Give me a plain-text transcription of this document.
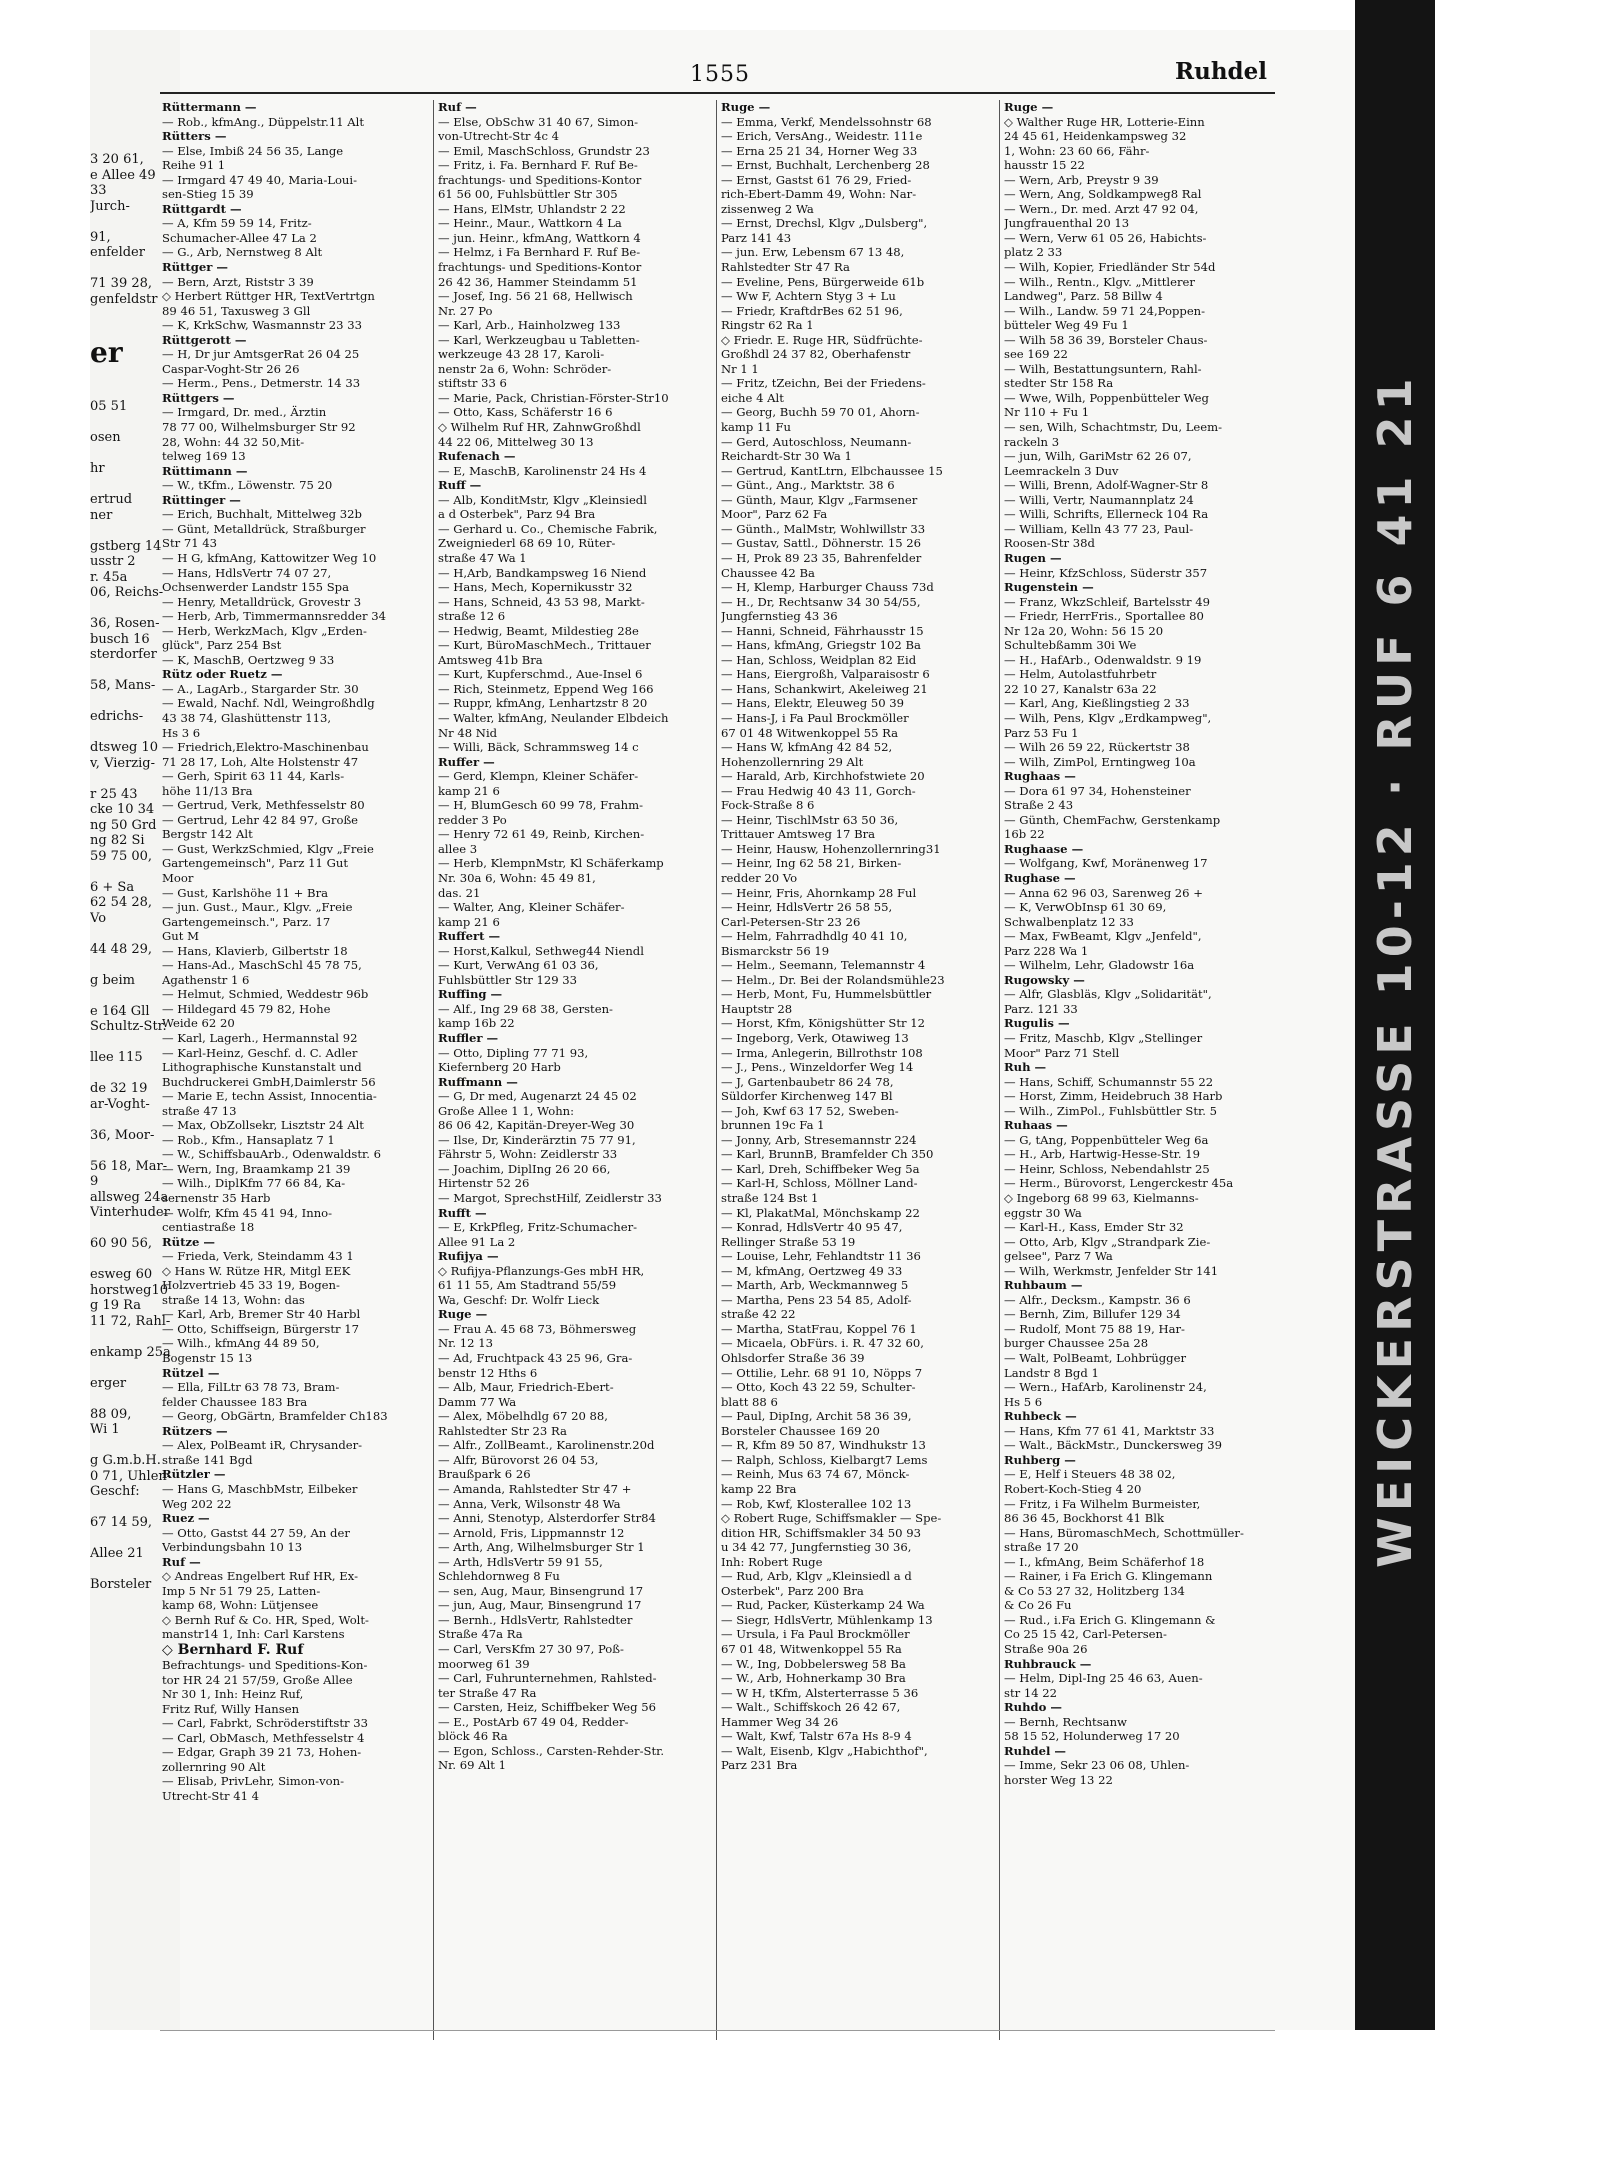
3 20 61,
e Allee 49
33
Jurch-

91,
enfelder

71 39 28,
genfeldstr

er

05 51

osen

hr

ertrud
ner

gstberg 14
usstr 2
r. 45a
06, Reichs-

36, Rosen-
busch 16
sterdorfer

58, Mans-

edrichs-

dtsweg 10
v, Vierzig-

r 25 43
cke 10 34
ng 50 Grd
ng 82 Si
59 75 00,

6 + Sa
62 54 28,
Vo

44 48 29,

g beim

e 164 Gll
Schultz-Str.

llee 115

de 32 19
ar-Voght-

36, Moor-

56 18, Mar-
9
allsweg 24a
Vinterhuder

60 90 56,

esweg 60
horstweg10
g 19 Ra
11 72, Rahl-

enkamp 25a

erger

88 09,
Wi 1

g G.m.b.H.
0 71, Uhlen-
Geschf:

67 14 59,

Allee 21

Borsteler
1555	Ruhdel
Rüttermann —
— Rob., kfmAng., Düppelstr.11 Alt
Rütters —
— Else, Imbiß 24 56 35, Lange
Reihe 91 1
— Irmgard 47 49 40, Maria-Loui-
sen-Stieg 15 39
Rüttgardt —
— A, Kfm 59 59 14, Fritz-
Schumacher-Allee 47 La 2
— G., Arb, Nernstweg 8 Alt
Rüttger —
— Bern, Arzt, Riststr 3 39
◇ Herbert Rüttger HR, TextVertrtgn
89 46 51, Taxusweg 3 Gll
— K, KrkSchw, Wasmannstr 23 33
Rüttgerott —
— H, Dr jur AmtsgerRat 26 04 25
Caspar-Voght-Str 26 26
— Herm., Pens., Detmerstr. 14 33
Rüttgers —
— Irmgard, Dr. med., Ärztin
78 77 00, Wilhelmsburger Str 92
28, Wohn: 44 32 50,Mit-
telweg 169 13
Rüttimann —
— W., tKfm., Löwenstr. 75 20
Rüttinger —
— Erich, Buchhalt, Mittelweg 32b
— Günt, Metalldrück, Straßburger
Str 71 43
— H G, kfmAng, Kattowitzer Weg 10
— Hans, HdlsVertr 74 07 27,
Ochsenwerder Landstr 155 Spa
— Henry, Metalldrück, Grovestr 3
— Herb, Arb, Timmermannsredder 34
— Herb, WerkzMach, Klgv „Erden-
glück", Parz 254 Bst
— K, MaschB, Oertzweg 9 33
Rütz oder Ruetz —
— A., LagArb., Stargarder Str. 30
— Ewald, Nachf. Ndl, Weingroßhdlg
43 38 74, Glashüttenstr 113,
Hs 3 6
— Friedrich,Elektro-Maschinenbau
71 28 17, Loh, Alte Holstenstr 47
— Gerh, Spirit 63 11 44, Karls-
höhe 11/13 Bra
— Gertrud, Verk, Methfesselstr 80
— Gertrud, Lehr 42 84 97, Große
Bergstr 142 Alt
— Gust, WerkzSchmied, Klgv „Freie
Gartengemeinsch", Parz 11 Gut
Moor
— Gust, Karlshöhe 11 + Bra
— jun. Gust., Maur., Klgv. „Freie
Gartengemeinsch.", Parz. 17
Gut M
— Hans, Klavierb, Gilbertstr 18
— Hans-Ad., MaschSchl 45 78 75,
Agathenstr 1 6
— Helmut, Schmied, Weddestr 96b
— Hildegard 45 79 82, Hohe
Weide 62 20
— Karl, Lagerh., Hermannstal 92
— Karl-Heinz, Geschf. d. C. Adler
Lithographische Kunstanstalt und
Buchdruckerei GmbH,Daimlerstr 56
— Marie E, techn Assist, Innocentia-
straße 47 13
— Max, ObZollsekr, Lisztstr 24 Alt
— Rob., Kfm., Hansaplatz 7 1
— W., SchiffsbauArb., Odenwaldstr. 6
— Wern, Ing, Braamkamp 21 39
— Wilh., DiplKfm 77 66 84, Ka-
sernenstr 35 Harb
— Wolfr, Kfm 45 41 94, Inno-
centiastraße 18
Rütze —
— Frieda, Verk, Steindamm 43 1
◇ Hans W. Rütze HR, Mitgl EEK
Holzvertrieb 45 33 19, Bogen-
straße 14 13, Wohn: das
— Karl, Arb, Bremer Str 40 Harbl
— Otto, Schiffseign, Bürgerstr 17
— Wilh., kfmAng 44 89 50,
Bogenstr 15 13
Rützel —
— Ella, FilLtr 63 78 73, Bram-
felder Chaussee 183 Bra
— Georg, ObGärtn, Bramfelder Ch183
Rützers —
— Alex, PolBeamt iR, Chrysander-
straße 141 Bgd
Rützler —
— Hans G, MaschbMstr, Eilbeker
Weg 202 22
Ruez —
— Otto, Gastst 44 27 59, An der
Verbindungsbahn 10 13
Ruf —
◇ Andreas Engelbert Ruf HR, Ex-
Imp 5 Nr 51 79 25, Latten-
kamp 68, Wohn: Lütjensee
◇ Bernh Ruf & Co. HR, Sped, Wolt-
manstr14 1, Inh: Carl Karstens
◇ Bernhard F. Ruf
Befrachtungs- und Speditions-Kon-
tor HR 24 21 57/59, Große Allee
Nr 30 1, Inh: Heinz Ruf,
Fritz Ruf, Willy Hansen
— Carl, Fabrkt, Schröderstiftstr 33
— Carl, ObMasch, Methfesselstr 4
— Edgar, Graph 39 21 73, Hohen-
zollernring 90 Alt
— Elisab, PrivLehr, Simon-von-
Utrecht-Str 41 4
Ruf —
— Else, ObSchw 31 40 67, Simon-
von-Utrecht-Str 4c 4
— Emil, MaschSchloss, Grundstr 23
— Fritz, i. Fa. Bernhard F. Ruf Be-
frachtungs- und Speditions-Kontor
61 56 00, Fuhlsbüttler Str 305
— Hans, ElMstr, Uhlandstr 2 22
— Heinr., Maur., Wattkorn 4 La
— jun. Heinr., kfmAng, Wattkorn 4
— Helmz, i Fa Bernhard F. Ruf Be-
frachtungs- und Speditions-Kontor
26 42 36, Hammer Steindamm 51
— Josef, Ing. 56 21 68, Hellwisch
Nr. 27 Po
— Karl, Arb., Hainholzweg 133
— Karl, Werkzeugbau u Tabletten-
werkzeuge 43 28 17, Karoli-
nenstr 2a 6, Wohn: Schröder-
stiftstr 33 6
— Marie, Pack, Christian-Förster-Str10
— Otto, Kass, Schäferstr 16 6
◇ Wilhelm Ruf HR, ZahnwGroßhdl
44 22 06, Mittelweg 30 13
Rufenach —
— E, MaschB, Karolinenstr 24 Hs 4
Ruff —
— Alb, KonditMstr, Klgv „Kleinsiedl
a d Osterbek", Parz 94 Bra
— Gerhard u. Co., Chemische Fabrik,
Zweigniederl 68 69 10, Rüter-
straße 47 Wa 1
— H,Arb, Bandkampsweg 16 Niend
— Hans, Mech, Kopernikusstr 32
— Hans, Schneid, 43 53 98, Markt-
straße 12 6
— Hedwig, Beamt, Mildestieg 28e
— Kurt, BüroMaschMech., Trittauer
Amtsweg 41b Bra
— Kurt, Kupferschmd., Aue-Insel 6
— Rich, Steinmetz, Eppend Weg 166
— Ruppr, kfmAng, Lenhartzstr 8 20
— Walter, kfmAng, Neulander Elbdeich
Nr 48 Nid
— Willi, Bäck, Schrammsweg 14 c
Ruffer —
— Gerd, Klempn, Kleiner Schäfer-
kamp 21 6
— H, BlumGesch 60 99 78, Frahm-
redder 3 Po
— Henry 72 61 49, Reinb, Kirchen-
allee 3
— Herb, KlempnMstr, Kl Schäferkamp
Nr. 30a 6, Wohn: 45 49 81,
das. 21
— Walter, Ang, Kleiner Schäfer-
kamp 21 6
Ruffert —
— Horst,Kalkul, Sethweg44 Niendl
— Kurt, VerwAng 61 03 36,
Fuhlsbüttler Str 129 33
Ruffing —
— Alf., Ing 29 68 38, Gersten-
kamp 16b 22
Ruffler —
— Otto, Dipling 77 71 93,
Kiefernberg 20 Harb
Ruffmann —
— G, Dr med, Augenarzt 24 45 02
Große Allee 1 1, Wohn:
86 06 42, Kapitän-Dreyer-Weg 30
— Ilse, Dr, Kinderärztin 75 77 91,
Fährstr 5, Wohn: Zeidlerstr 33
— Joachim, DiplIng 26 20 66,
Hirtenstr 52 26
— Margot, SprechstHilf, Zeidlerstr 33
Rufft —
— E, KrkPfleg, Fritz-Schumacher-
Allee 91 La 2
Rufijya —
◇ Rufijya-Pflanzungs-Ges mbH HR,
61 11 55, Am Stadtrand 55/59
Wa, Geschf: Dr. Wolfr Lieck
Ruge —
— Frau A. 45 68 73, Böhmersweg
Nr. 12 13
— Ad, Fruchtpack 43 25 96, Gra-
benstr 12 Hths 6
— Alb, Maur, Friedrich-Ebert-
Damm 77 Wa
— Alex, Möbelhdlg 67 20 88,
Rahlstedter Str 23 Ra
— Alfr., ZollBeamt., Karolinenstr.20d
— Alfr, Bürovorst 26 04 53,
Braußpark 6 26
— Amanda, Rahlstedter Str 47 +
— Anna, Verk, Wilsonstr 48 Wa
— Anni, Stenotyp, Alsterdorfer Str84
— Arnold, Fris, Lippmannstr 12
— Arth, Ang, Wilhelmsburger Str 1
— Arth, HdlsVertr 59 91 55,
Schlehdornweg 8 Fu
— sen, Aug, Maur, Binsengrund 17
— jun, Aug, Maur, Binsengrund 17
— Bernh., HdlsVertr, Rahlstedter
Straße 47a Ra
— Carl, VersKfm 27 30 97, Poß-
moorweg 61 39
— Carl, Fuhrunternehmen, Rahlsted-
ter Straße 47 Ra
— Carsten, Heiz, Schiffbeker Weg 56
— E., PostArb 67 49 04, Redder-
blöck 46 Ra
— Egon, Schloss., Carsten-Rehder-Str.
Nr. 69 Alt 1
Ruge —
— Emma, Verkf, Mendelssohnstr 68
— Erich, VersAng., Weidestr. 111e
— Erna 25 21 34, Horner Weg 33
— Ernst, Buchhalt, Lerchenberg 28
— Ernst, Gastst 61 76 29, Fried-
rich-Ebert-Damm 49, Wohn: Nar-
zissenweg 2 Wa
— Ernst, Drechsl, Klgv „Dulsberg",
Parz 141 43
— jun. Erw, Lebensm 67 13 48,
Rahlstedter Str 47 Ra
— Eveline, Pens, Bürgerweide 61b
— Ww F, Achtern Styg 3 + Lu
— Friedr, KraftdrBes 62 51 96,
Ringstr 62 Ra 1
◇ Friedr. E. Ruge HR, Südfrüchte-
Großhdl 24 37 82, Oberhafenstr
Nr 1 1
— Fritz, tZeichn, Bei der Friedens-
eiche 4 Alt
— Georg, Buchh 59 70 01, Ahorn-
kamp 11 Fu
— Gerd, Autoschloss, Neumann-
Reichardt-Str 30 Wa 1
— Gertrud, KantLtrn, Elbchaussee 15
— Günt., Ang., Marktstr. 38 6
— Günth, Maur, Klgv „Farmsener
Moor", Parz 62 Fa
— Günth., MalMstr, Wohlwillstr 33
— Gustav, Sattl., Döhnerstr. 15 26
— H, Prok 89 23 35, Bahrenfelder
Chaussee 42 Ba
— H, Klemp, Harburger Chauss 73d
— H., Dr, Rechtsanw 34 30 54/55,
Jungfernstieg 43 36
— Hanni, Schneid, Fährhausstr 15
— Hans, kfmAng, Griegstr 102 Ba
— Han, Schloss, Weidplan 82 Eid
— Hans, Eiergroßh, Valparaisostr 6
— Hans, Schankwirt, Akeleiweg 21
— Hans, Elektr, Eleuweg 50 39
— Hans-J, i Fa Paul Brockmöller
67 01 48 Witwenkoppel 55 Ra
— Hans W, kfmAng 42 84 52,
Hohenzollernring 29 Alt
— Harald, Arb, Kirchhofstwiete 20
— Frau Hedwig 40 43 11, Gorch-
Fock-Straße 8 6
— Heinr, TischlMstr 63 50 36,
Trittauer Amtsweg 17 Bra
— Heinr, Hausw, Hohenzollernring31
— Heinr, Ing 62 58 21, Birken-
redder 20 Vo
— Heinr, Fris, Ahornkamp 28 Ful
— Heinr, HdlsVertr 26 58 55,
Carl-Petersen-Str 23 26
— Helm, Fahrradhdlg 40 41 10,
Bismarckstr 56 19
— Helm., Seemann, Telemannstr 4
— Helm., Dr. Bei der Rolandsmühle23
— Herb, Mont, Fu, Hummelsbüttler
Hauptstr 28
— Horst, Kfm, Königshütter Str 12
— Ingeborg, Verk, Otawiweg 13
— Irma, Anlegerin, Billrothstr 108
— J., Pens., Winzeldorfer Weg 14
— J, Gartenbaubetr 86 24 78,
Süldorfer Kirchenweg 147 Bl
— Joh, Kwf 63 17 52, Sweben-
brunnen 19c Fa 1
— Jonny, Arb, Stresemannstr 224
— Karl, BrunnB, Bramfelder Ch 350
— Karl, Dreh, Schiffbeker Weg 5a
— Karl-H, Schloss, Möllner Land-
straße 124 Bst 1
— Kl, PlakatMal, Mönchskamp 22
— Konrad, HdlsVertr 40 95 47,
Rellinger Straße 53 19
— Louise, Lehr, Fehlandtstr 11 36
— M, kfmAng, Oertzweg 49 33
— Marth, Arb, Weckmannweg 5
— Martha, Pens 23 54 85, Adolf-
straße 42 22
— Martha, StatFrau, Koppel 76 1
— Micaela, ObFürs. i. R. 47 32 60,
Ohlsdorfer Straße 36 39
— Ottilie, Lehr. 68 91 10, Nöpps 7
— Otto, Koch 43 22 59, Schulter-
blatt 88 6
— Paul, DipIng, Archit 58 36 39,
Borsteler Chaussee 169 20
— R, Kfm 89 50 87, Windhukstr 13
— Ralph, Schloss, Kielbargt7 Lems
— Reinh, Mus 63 74 67, Mönck-
kamp 22 Bra
— Rob, Kwf, Klosterallee 102 13
◇ Robert Ruge, Schiffsmakler — Spe-
dition HR, Schiffsmakler 34 50 93
u 34 42 77, Jungfernstieg 30 36,
Inh: Robert Ruge
— Rud, Arb, Klgv „Kleinsiedl a d
Osterbek", Parz 200 Bra
— Rud, Packer, Küsterkamp 24 Wa
— Siegr, HdlsVertr, Mühlenkamp 13
— Ursula, i Fa Paul Brockmöller
67 01 48, Witwenkoppel 55 Ra
— W., Ing, Dobbelersweg 58 Ba
— W., Arb, Hohnerkamp 30 Bra
— W H, tKfm, Alsterterrasse 5 36
— Walt., Schiffskoch 26 42 67,
Hammer Weg 34 26
— Walt, Kwf, Talstr 67a Hs 8-9 4
— Walt, Eisenb, Klgv „Habichthof",
Parz 231 Bra
Ruge —
◇ Walther Ruge HR, Lotterie-Einn
24 45 61, Heidenkampsweg 32
1, Wohn: 23 60 66, Fähr-
hausstr 15 22
— Wern, Arb, Preystr 9 39
— Wern, Ang, Soldkampweg8 Ral
— Wern., Dr. med. Arzt 47 92 04,
Jungfrauenthal 20 13
— Wern, Verw 61 05 26, Habichts-
platz 2 33
— Wilh, Kopier, Friedländer Str 54d
— Wilh., Rentn., Klgv. „Mittlerer
Landweg", Parz. 58 Billw 4
— Wilh., Landw. 59 71 24,Poppen-
bütteler Weg 49 Fu 1
— Wilh 58 36 39, Borsteler Chaus-
see 169 22
— Wilh, Bestattungsuntern, Rahl-
stedter Str 158 Ra
— Wwe, Wilh, Poppenbütteler Weg
Nr 110 + Fu 1
— sen, Wilh, Schachtmstr, Du, Leem-
rackeln 3
— jun, Wilh, GariMstr 62 26 07,
Leemrackeln 3 Duv
— Willi, Brenn, Adolf-Wagner-Str 8
— Willi, Vertr, Naumannplatz 24
— Willi, Schrifts, Ellerneck 104 Ra
— William, Kelln 43 77 23, Paul-
Roosen-Str 38d
Rugen —
— Heinr, KfzSchloss, Süderstr 357
Rugenstein —
— Franz, WkzSchleif, Bartelsstr 49
— Friedr, HerrFris., Sportallee 80
Nr 12a 20, Wohn: 56 15 20
Schultebßamm 30i We
— H., HafArb., Odenwaldstr. 9 19
— Helm, Autolastfuhrbetr
22 10 27, Kanalstr 63a 22
— Karl, Ang, Kießlingstieg 2 33
— Wilh, Pens, Klgv „Erdkampweg",
Parz 53 Fu 1
— Wilh 26 59 22, Rückertstr 38
— Wilh, ZimPol, Erntingweg 10a
Rughaas —
— Dora 61 97 34, Hohensteiner
Straße 2 43
— Günth, ChemFachw, Gerstenkamp
16b 22
Rughaase —
— Wolfgang, Kwf, Moränenweg 17
Rughase —
— Anna 62 96 03, Sarenweg 26 +
— K, VerwObInsp 61 30 69,
Schwalbenplatz 12 33
— Max, FwBeamt, Klgv „Jenfeld",
Parz 228 Wa 1
— Wilhelm, Lehr, Gladowstr 16a
Rugowsky —
— Alfr, Glasbläs, Klgv „Solidarität",
Parz. 121 33
Rugulis —
— Fritz, Maschb, Klgv „Stellinger
Moor" Parz 71 Stell
Ruh —
— Hans, Schiff, Schumannstr 55 22
— Horst, Zimm, Heidebruch 38 Harb
— Wilh., ZimPol., Fuhlsbüttler Str. 5
Ruhaas —
— G, tAng, Poppenbütteler Weg 6a
— H., Arb, Hartwig-Hesse-Str. 19
— Heinr, Schloss, Nebendahlstr 25
— Herm., Bürovorst, Lengerckestr 45a
◇ Ingeborg 68 99 63, Kielmanns-
eggstr 30 Wa
— Karl-H., Kass, Emder Str 32
— Otto, Arb, Klgv „Strandpark Zie-
gelsee", Parz 7 Wa
— Wilh, Werkmstr, Jenfelder Str 141
Ruhbaum —
— Alfr., Decksm., Kampstr. 36 6
— Bernh, Zim, Billufer 129 34
— Rudolf, Mont 75 88 19, Har-
burger Chaussee 25a 28
— Walt, PolBeamt, Lohbrügger
Landstr 8 Bgd 1
— Wern., HafArb, Karolinenstr 24,
Hs 5 6
Ruhbeck —
— Hans, Kfm 77 61 41, Marktstr 33
— Walt., BäckMstr., Dunckersweg 39
Ruhberg —
— E, Helf i Steuers 48 38 02,
Robert-Koch-Stieg 4 20
— Fritz, i Fa Wilhelm Burmeister,
86 36 45, Bockhorst 41 Blk
— Hans, BüromaschMech, Schottmüller-
straße 17 20
— I., kfmAng, Beim Schäferhof 18
— Rainer, i Fa Erich G. Klingemann
& Co 53 27 32, Holitzberg 134
& Co 26 Fu
— Rud., i.Fa Erich G. Klingemann &
Co 25 15 42, Carl-Petersen-
Straße 90a 26
Ruhbrauck —
— Helm, Dipl-Ing 25 46 63, Auen-
str 14 22
Ruhdo —
— Bernh, Rechtsanw
58 15 52, Holunderweg 17 20
Ruhdel —
— Imme, Sekr 23 06 08, Uhlen-
horster Weg 13 22
WEICKERSTRASSE 10-12 · RUF 6 41 21
